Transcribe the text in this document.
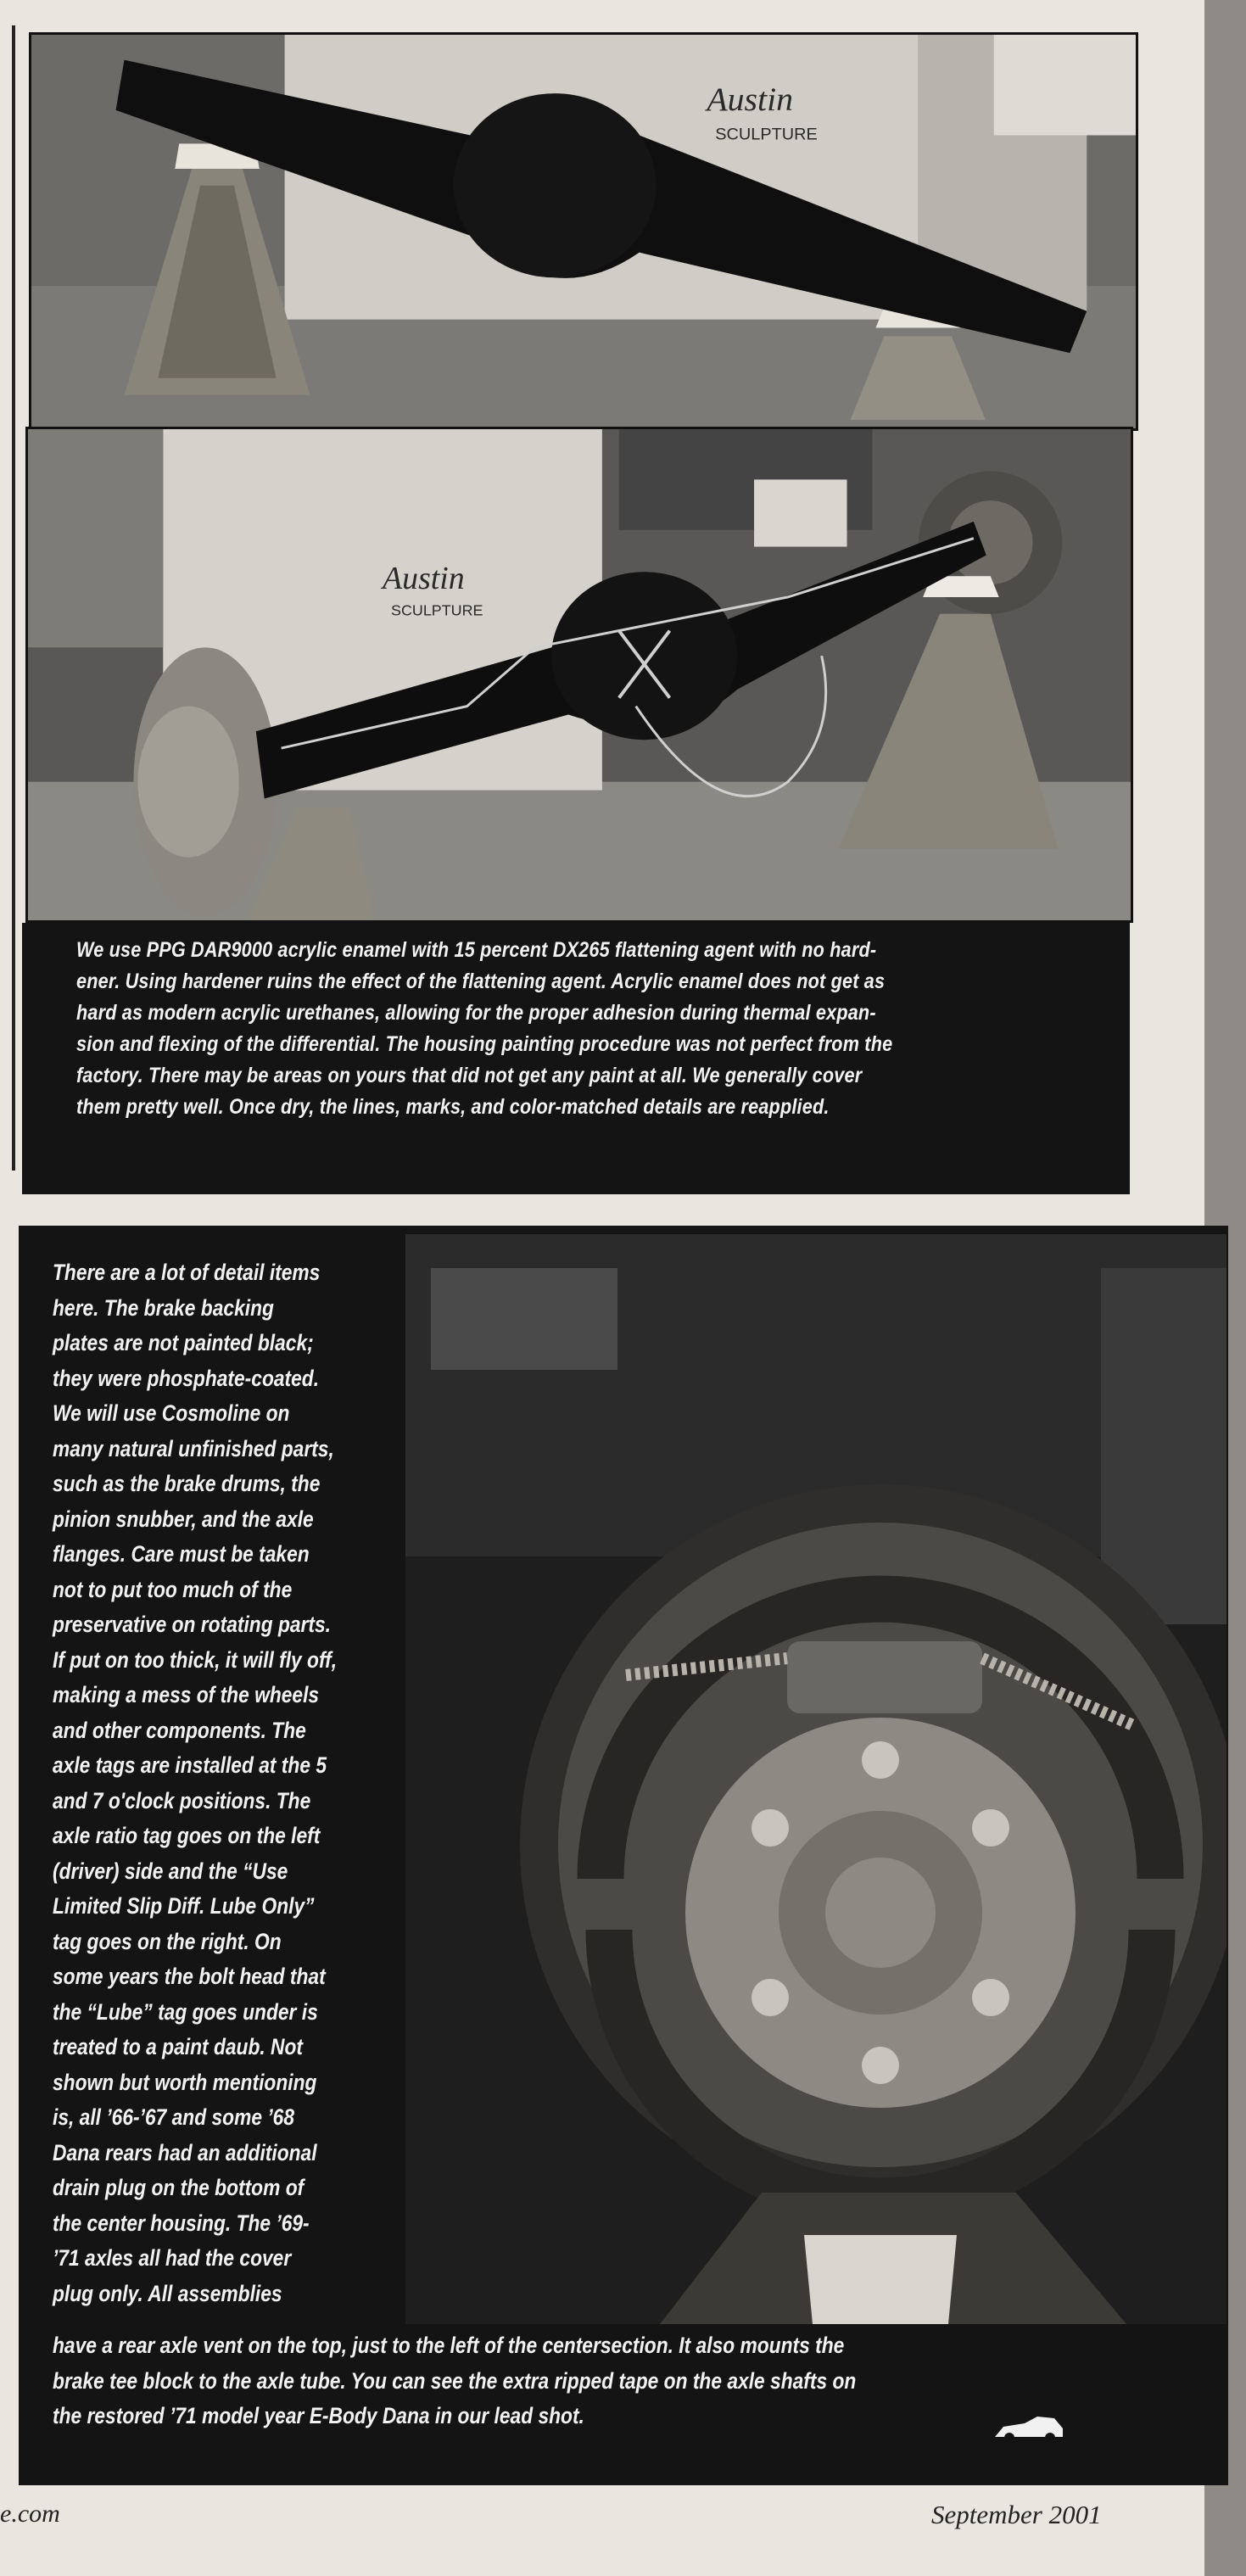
Austin
SCULPTURE
Austin
SCULPTURE

We use PPG DAR9000 acrylic enamel with 15 percent DX265 flattening agent with no hard-

ener. Using hardener ruins the effect of the flattening agent. Acrylic enamel does not get as

hard as modern acrylic urethanes, allowing for the proper adhesion during thermal expan-

sion and flexing of the differential. The housing painting procedure was not perfect from the

factory. There may be areas on yours that did not get any paint at all. We generally cover

them pretty well. Once dry, the lines, marks, and color-matched details are reapplied.

There are a lot of detail items
here. The brake backing
plates are not painted black;
they were phosphate-coated.
We will use Cosmoline on
many natural unfinished parts,
such as the brake drums, the
pinion snubber, and the axle
flanges. Care must be taken
not to put too much of the
preservative on rotating parts.
If put on too thick, it will fly off,
making a mess of the wheels
and other components. The
axle tags are installed at the 5
and 7 o'clock positions. The
axle ratio tag goes on the left
(driver) side and the “Use
Limited Slip Diff. Lube Only”
tag goes on the right. On
some years the bolt head that
the “Lube” tag goes under is
treated to a paint daub. Not
shown but worth mentioning
is, all ’66-’67 and some ’68
Dana rears had an additional
drain plug on the bottom of
the center housing. The ’69-
’71 axles all had the cover
plug only. All assemblies
have a rear axle vent on the top, just to the left of the centersection. It also mounts the
brake tee block to the axle tube. You can see the extra ripped tape on the axle shafts on
the restored ’71 model year E-Body Dana in our lead shot.
e.com	September 2001
